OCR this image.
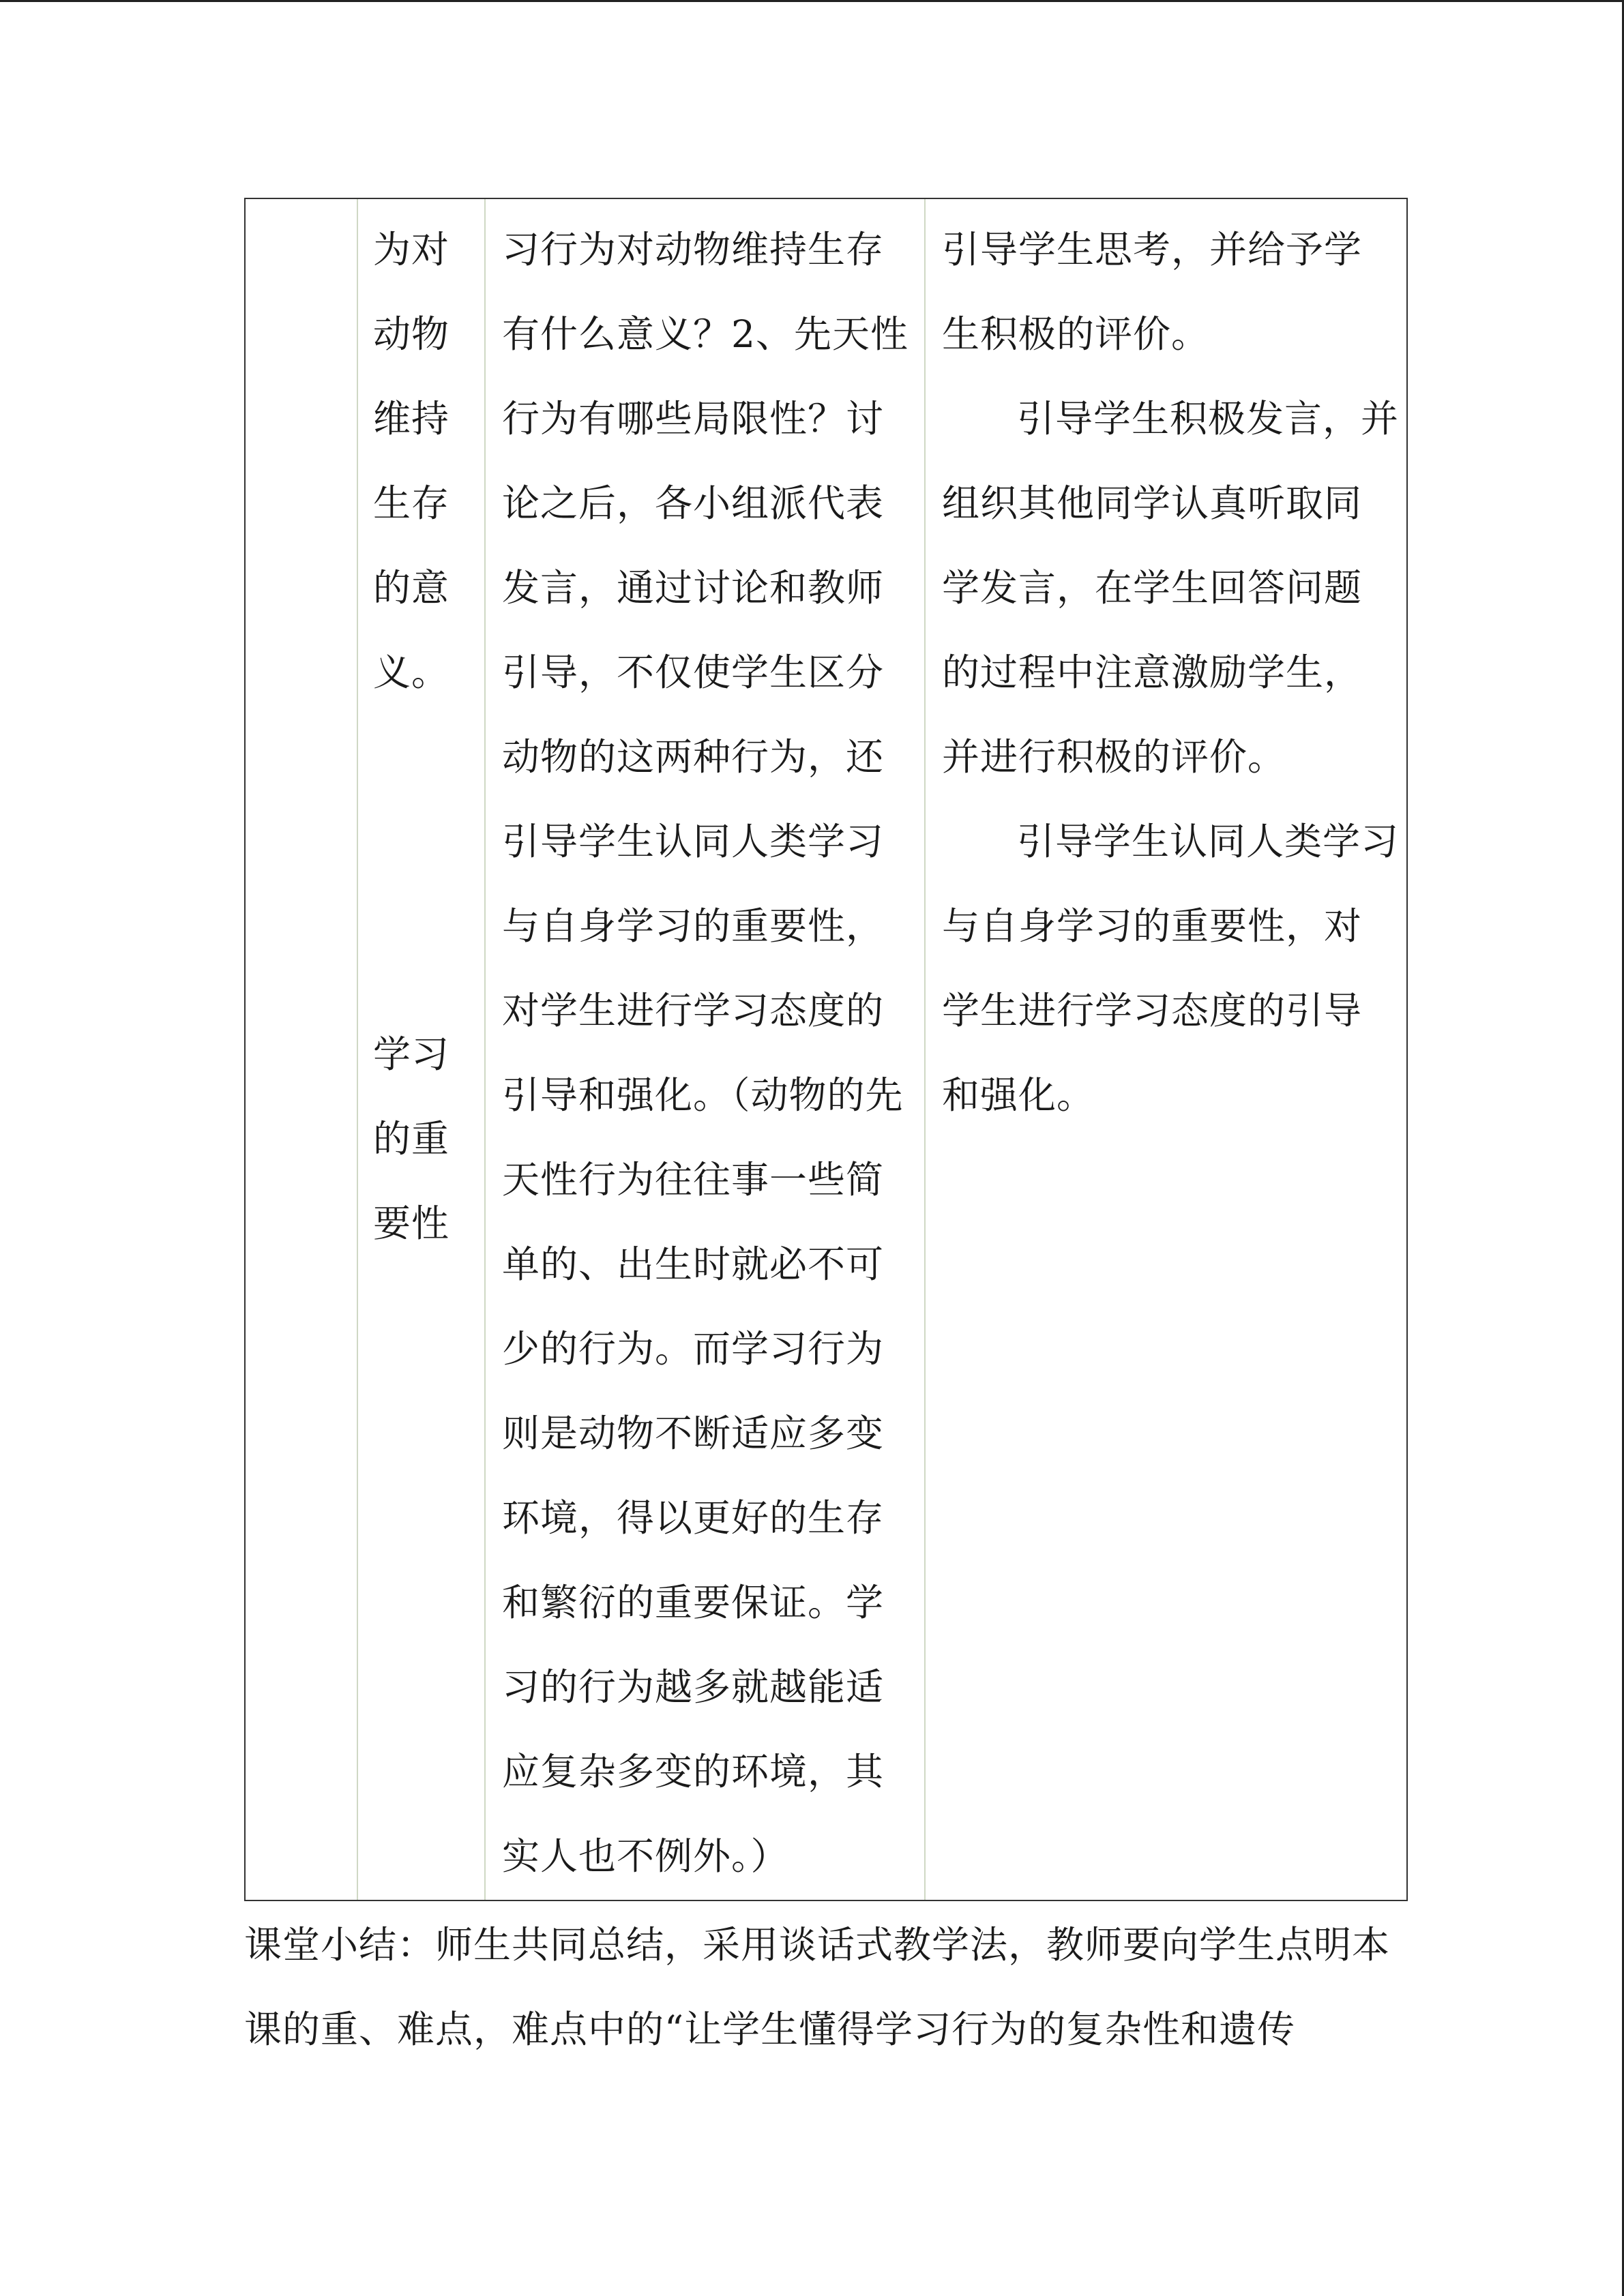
为对动物维持生存的意义。
学习的重要性
习行为对动物维持生存有什么意义？2、先天性行为有哪些局限性？讨论之后，各小组派代表发言，通过讨论和教师引导，不仅使学生区分动物的这两种行为，还引导学生认同人类学习与自身学习的重要性，对学生进行学习态度的引导和强化。（动物的先天性行为往往事一些简单的、出生时就必不可少的行为。而学习行为则是动物不断适应多变环境，得以更好的生存和繁衍的重要保证。学习的行为越多就越能适应复杂多变的环境，其实人也不例外。）
引导学生思考，并给予学生积极的评价。
引导学生积极发言，并组织其他同学认真听取同学发言，在学生回答问题的过程中注意激励学生，并进行积极的评价。
引导学生认同人类学习与自身学习的重要性，对学生进行学习态度的引导和强化。
课堂小结：师生共同总结，采用谈话式教学法，教师要向学生点明本课的重、难点，难点中的“让学生懂得学习行为的复杂性和遗传
